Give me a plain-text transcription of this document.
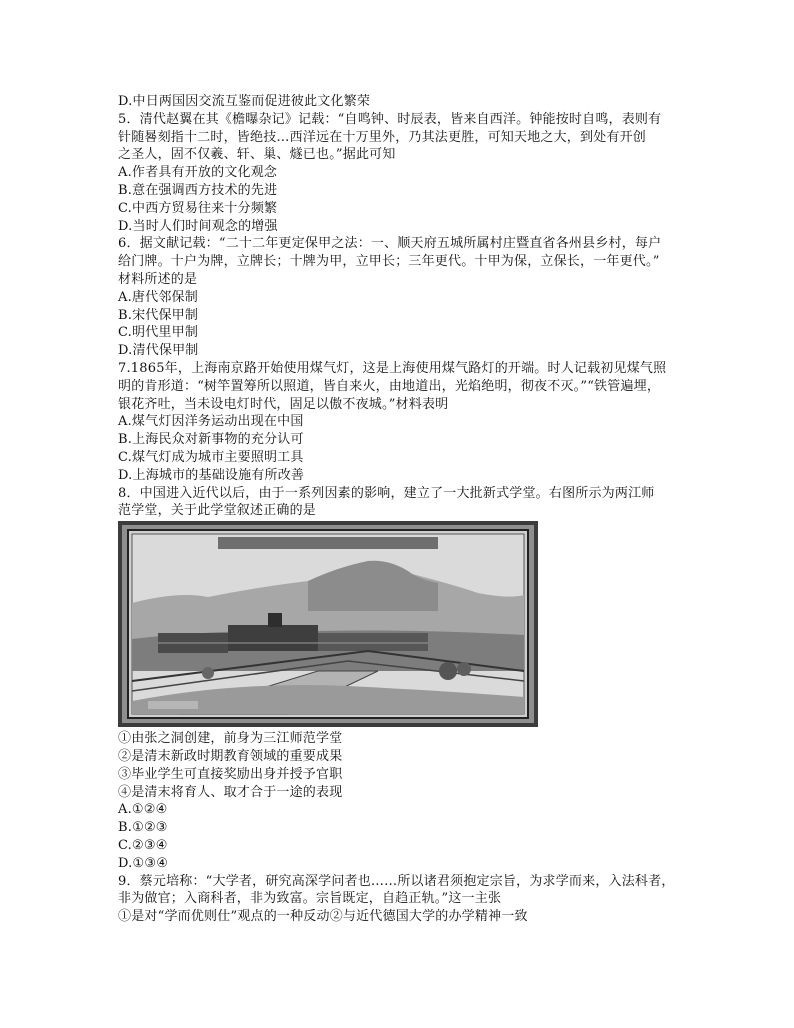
D.中日两国因交流互鉴而促进彼此文化繁荣
5．清代赵翼在其《檐曝杂记》记载：“自鸣钟、时辰表，皆来自西洋。钟能按时自鸣，表则有
针随晷刻指十二时，皆绝技…西洋远在十万里外，乃其法更胜，可知天地之大，到处有开创
之圣人，固不仅羲、轩、巢、燧已也。”据此可知
A.作者具有开放的文化观念
B.意在强调西方技术的先进
C.中西方贸易往来十分频繁
D.当时人们时间观念的增强
6．据文献记载：“二十二年更定保甲之法：一、顺天府五城所属村庄暨直省各州县乡村，每户
给门牌。十户为牌，立牌长；十牌为甲，立甲长；三年更代。十甲为保，立保长，一年更代。”
材料所述的是
A.唐代邻保制
B.宋代保甲制
C.明代里甲制
D.清代保甲制
7.1865年，上海南京路开始使用煤气灯，这是上海使用煤气路灯的开端。时人记载初见煤气照
明的肯形道：“树竿置筹所以照道，皆自来火，由地道出，光焰绝明，彻夜不灭。”“铁管遍埋，
银花齐吐，当未设电灯时代，固足以傲不夜城。”材料表明
A.煤气灯因洋务运动出现在中国
B.上海民众对新事物的充分认可
C.煤气灯成为城市主要照明工具
D.上海城市的基础设施有所改善
8．中国进入近代以后，由于一系列因素的影响，建立了一大批新式学堂。右图所示为两江师
范学堂，关于此学堂叙述正确的是
①由张之洞创建，前身为三江师范学堂
②是清末新政时期教育领域的重要成果
③毕业学生可直接奖励出身并授予官职
④是清末将育人、取才合于一途的表现
A.①②④
B.①②③
C.②③④
D.①③④
9．蔡元培称：“大学者，研究高深学问者也……所以诸君须抱定宗旨，为求学而来，入法科者，
非为做官；入商科者，非为致富。宗旨既定，自趋正轨。”这一主张
①是对“学而优则仕”观点的一种反动②与近代德国大学的办学精神一致
